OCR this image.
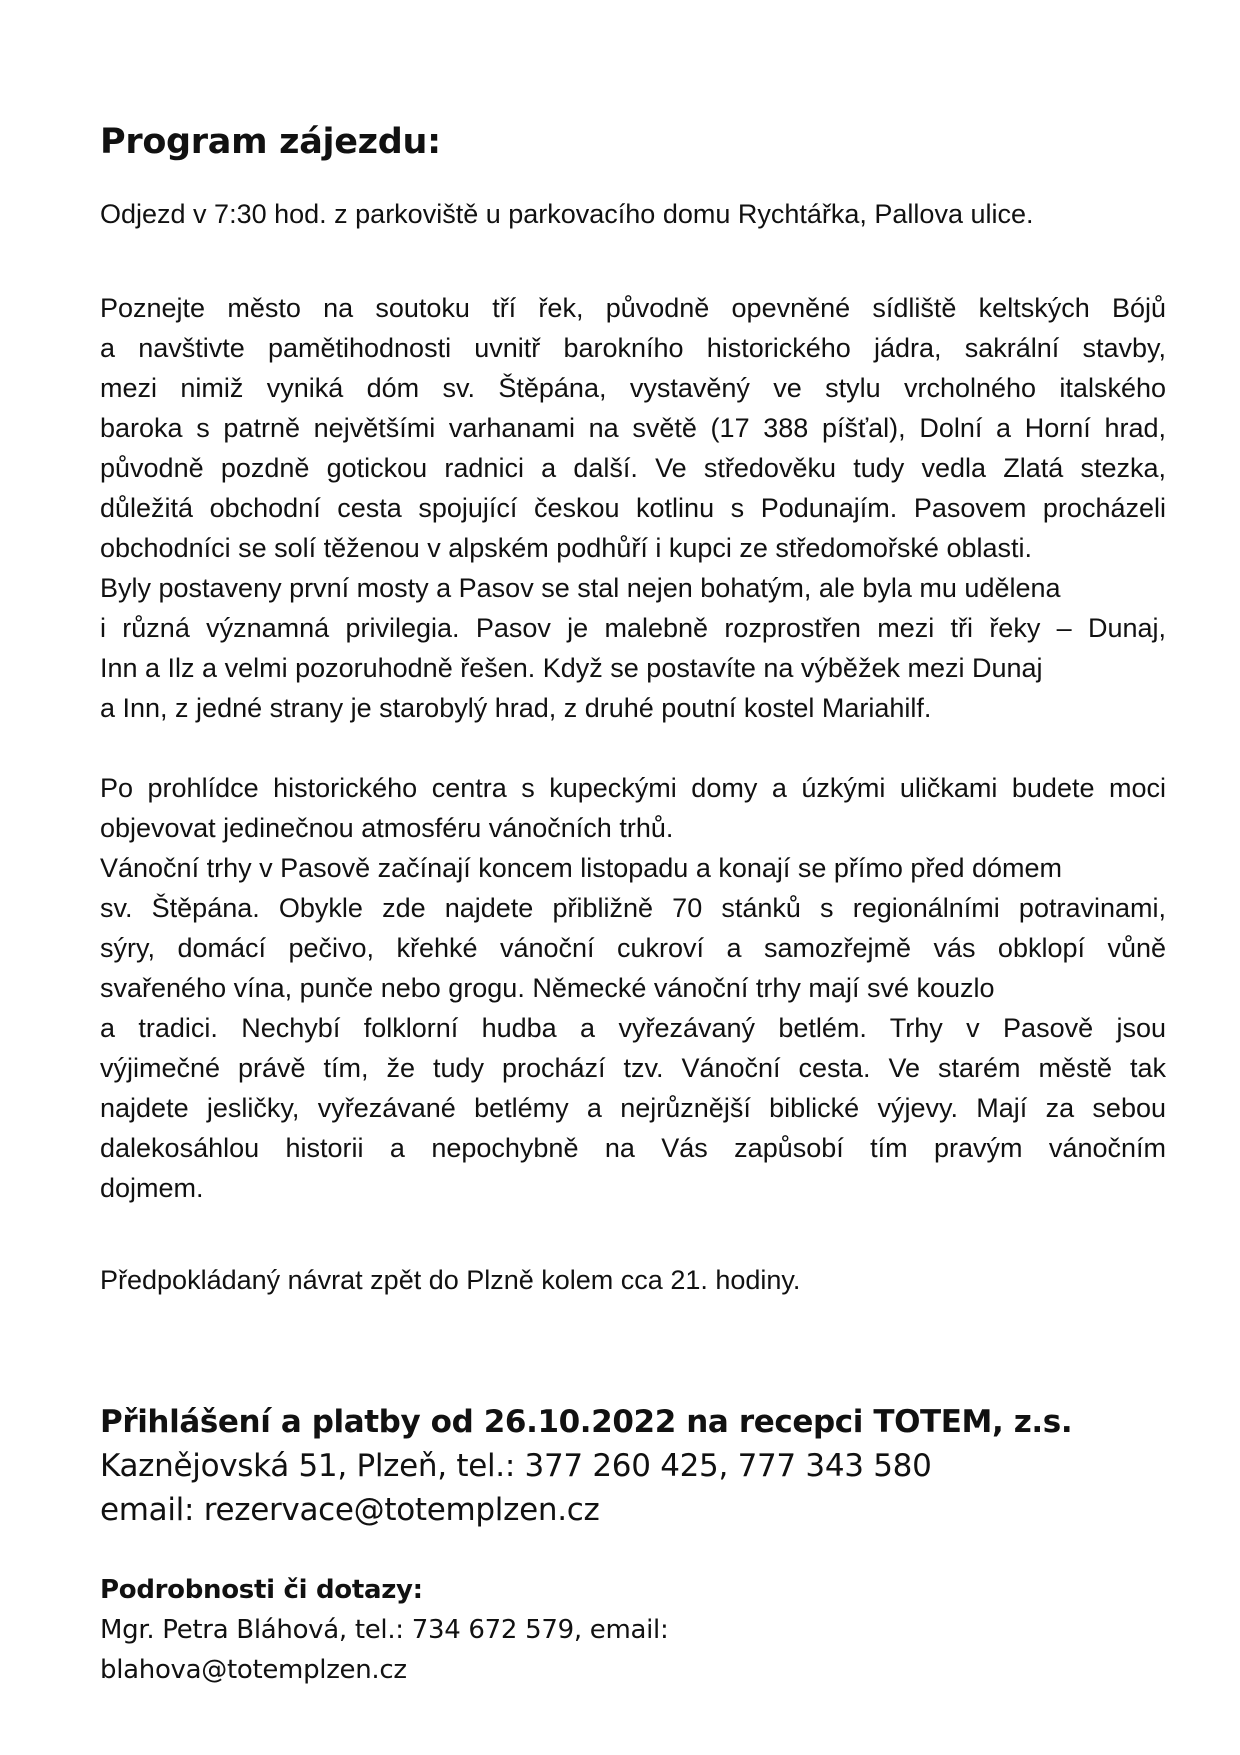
Program zájezdu:

Odjezd v 7:30 hod. z parkoviště u parkovacího domu Rychtářka, Pallova ulice.

Poznejte město na soutoku tří řek, původně opevněné sídliště keltských Bójů
a navštivte pamětihodnosti uvnitř barokního historického jádra, sakrální stavby,
mezi nimiž vyniká dóm sv. Štěpána, vystavěný ve stylu vrcholného italského
baroka s patrně největšími varhanami na světě (17 388 píšťal), Dolní a Horní hrad,
původně pozdně gotickou radnici a další. Ve středověku tudy vedla Zlatá stezka,
důležitá obchodní cesta spojující českou kotlinu s Podunajím. Pasovem procházeli
obchodníci se solí těženou v alpském podhůří i kupci ze středomořské oblasti.
Byly postaveny první mosty a Pasov se stal nejen bohatým, ale byla mu udělena
i různá významná privilegia. Pasov je malebně rozprostřen mezi tři řeky – Dunaj,
Inn a Ilz a velmi pozoruhodně řešen. Když se postavíte na výběžek mezi Dunaj
a Inn, z jedné strany je starobylý hrad, z druhé poutní kostel Mariahilf.
Po prohlídce historického centra s kupeckými domy a úzkými uličkami budete moci
objevovat jedinečnou atmosféru vánočních trhů.
Vánoční trhy v Pasově začínají koncem listopadu a konají se přímo před dómem
sv. Štěpána. Obykle zde najdete přibližně 70 stánků s regionálními potravinami,
sýry, domácí pečivo, křehké vánoční cukroví a samozřejmě vás obklopí vůně
svařeného vína, punče nebo grogu. Německé vánoční trhy mají své kouzlo
a tradici. Nechybí folklorní hudba a vyřezávaný betlém. Trhy v Pasově jsou
výjimečné právě tím, že tudy prochází tzv. Vánoční cesta. Ve starém městě tak
najdete jesličky, vyřezávané betlémy a nejrůznější biblické výjevy. Mají za sebou
dalekosáhlou historii a nepochybně na Vás zapůsobí tím pravým vánočním
dojmem.

Předpokládaný návrat zpět do Plzně kolem cca 21. hodiny.

Přihlášení a platby od 26.10.2022 na recepci TOTEM, z.s.

Kaznějovská 51, Plzeň, tel.: 377 260 425, 777 343 580

email: rezervace@totemplzen.cz

Podrobnosti či dotazy:

Mgr. Petra Bláhová, tel.: 734 672 579, email:

blahova@totemplzen.cz
